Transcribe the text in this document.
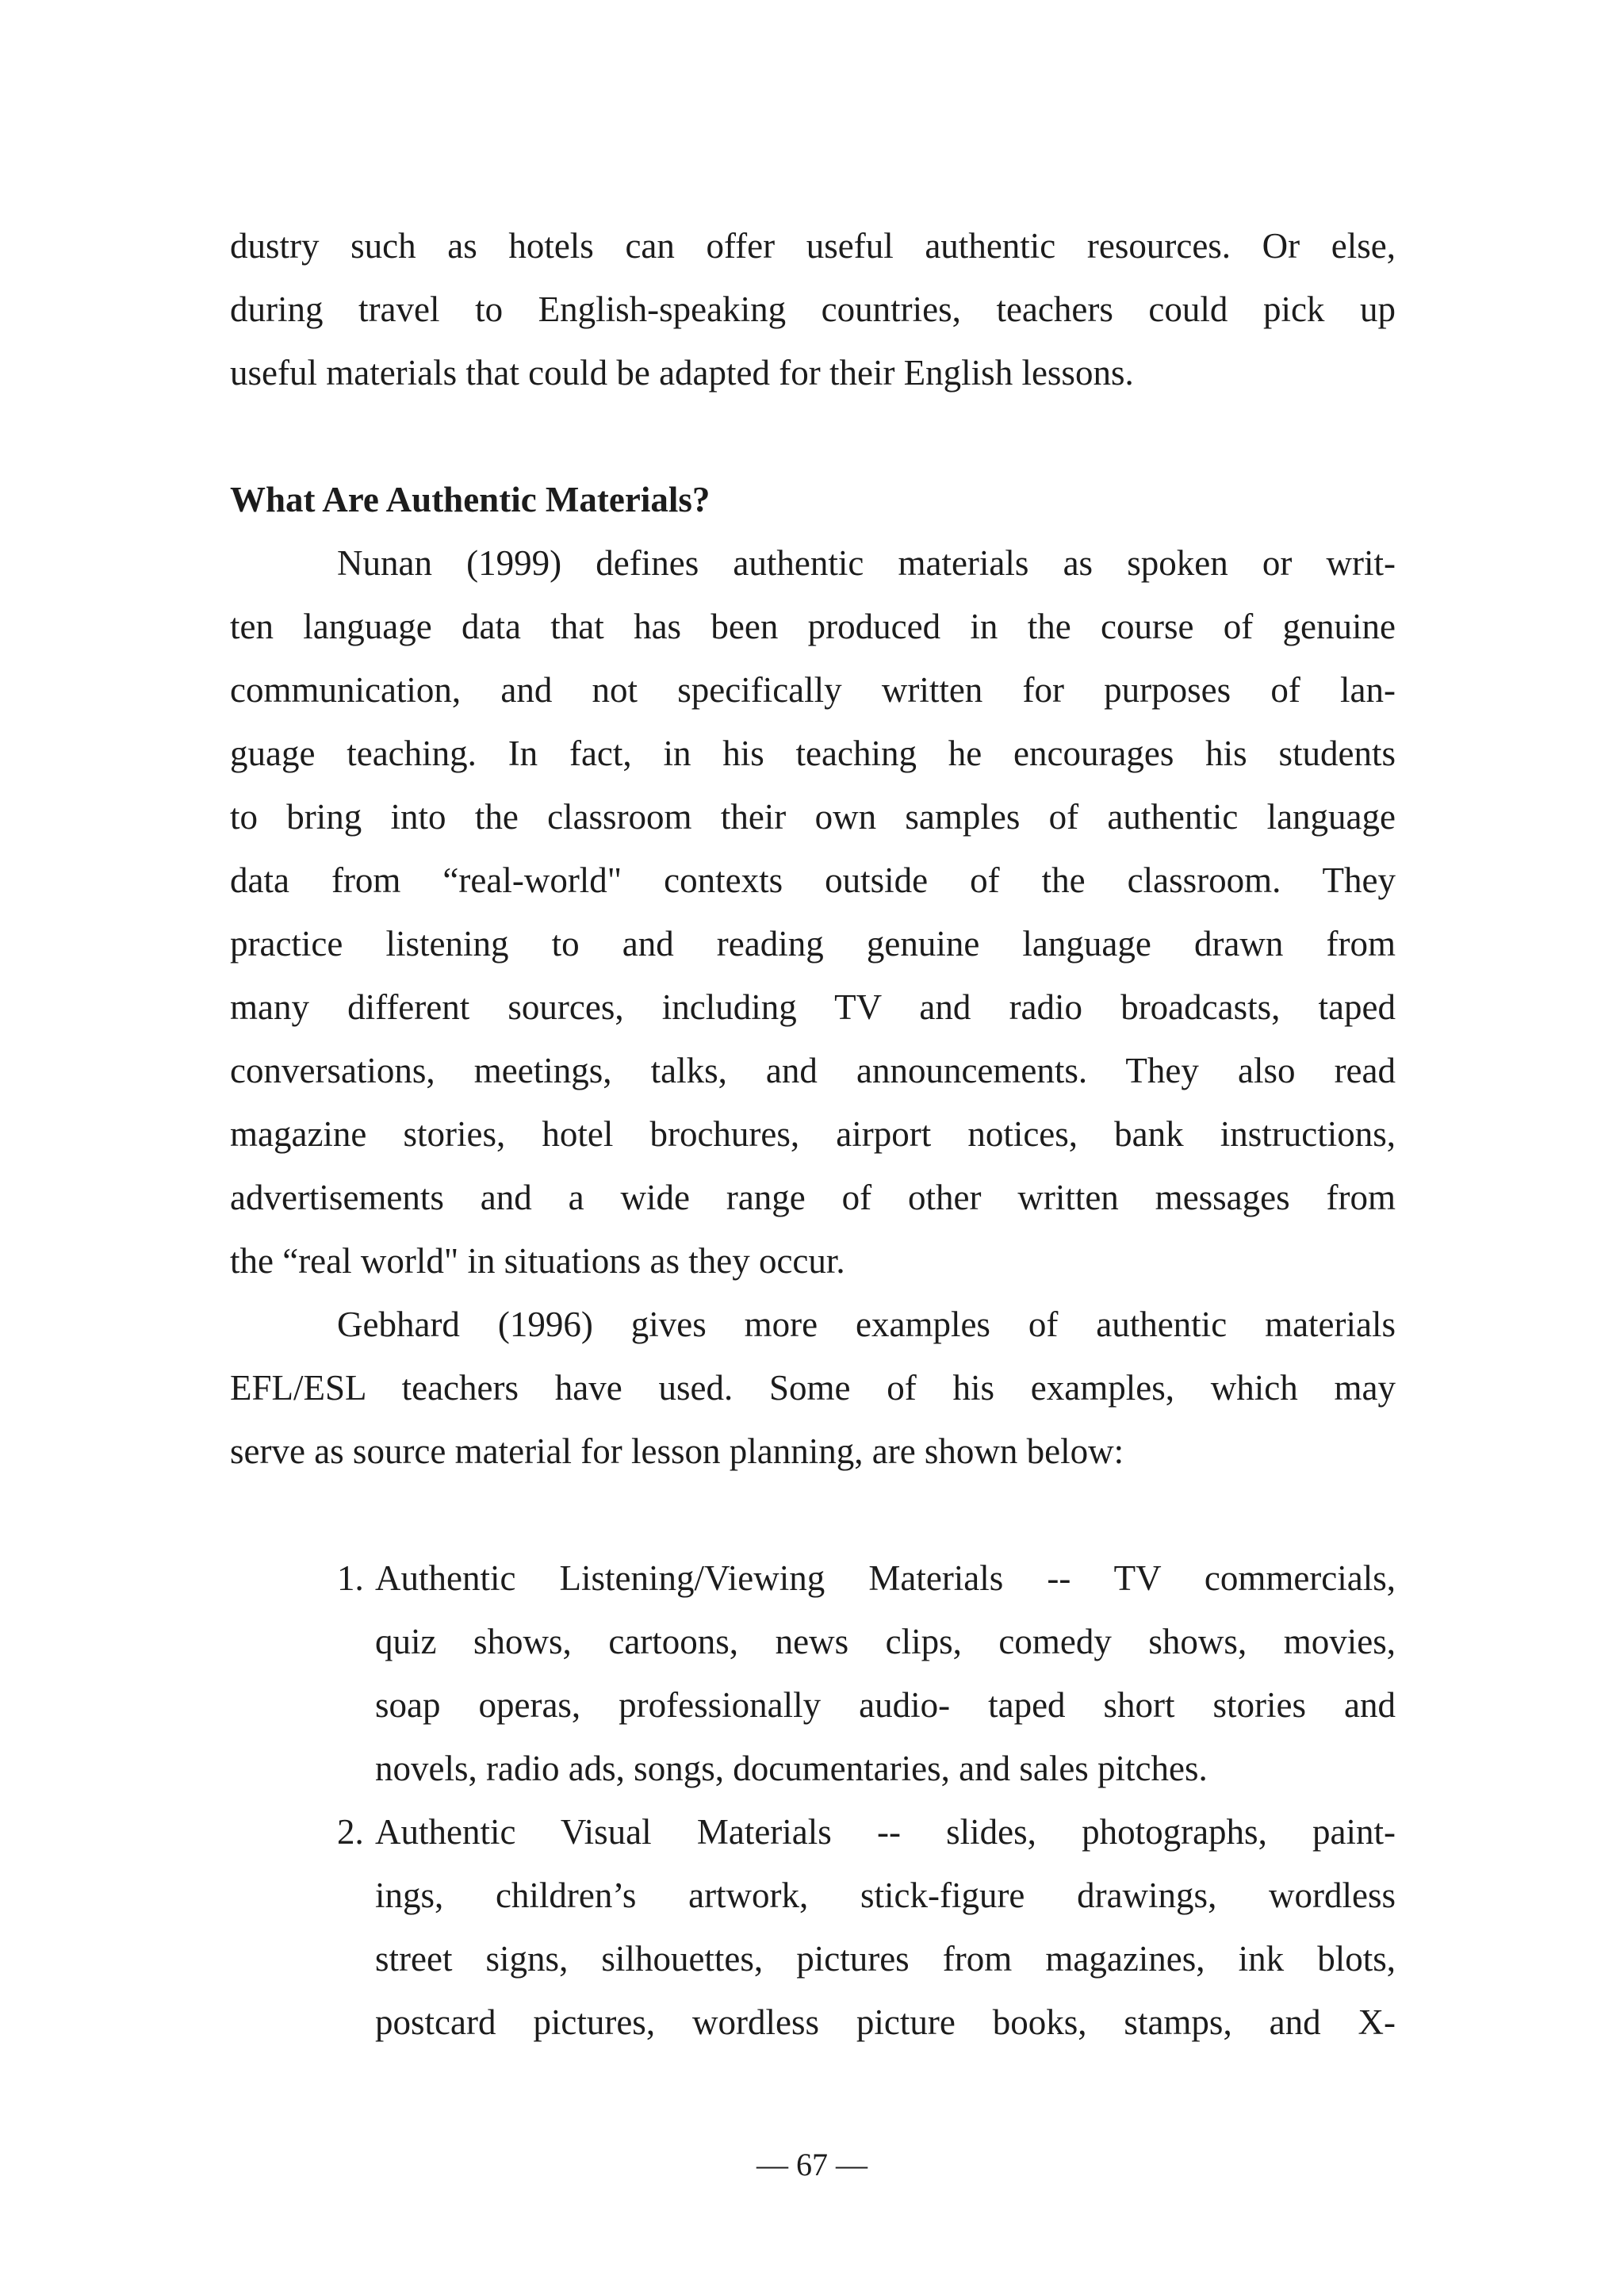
dustry such as hotels can offer useful authentic resources. Or else,
during travel to English-speaking countries, teachers could pick up
useful materials that could be adapted for their English lessons.
What Are Authentic Materials?
Nunan (1999) defines authentic materials as spoken or writ-
ten language data that has been produced in the course of genuine
communication, and not specifically written for purposes of lan-
guage teaching. In fact, in his teaching he encourages his students
to bring into the classroom their own samples of authentic language
data from “real-world" contexts outside of the classroom. They
practice listening to and reading genuine language drawn from
many different sources, including TV and radio broadcasts, taped
conversations, meetings, talks, and announcements. They also read
magazine stories, hotel brochures, airport notices, bank instructions,
advertisements and a wide range of other written messages from
the “real world" in situations as they occur.
Gebhard (1996) gives more examples of authentic materials
EFL/ESL teachers have used. Some of his examples, which may
serve as source material for lesson planning, are shown below:
1. Authentic Listening/Viewing Materials -- TV commercials,
quiz shows, cartoons, news clips, comedy shows, movies,
soap operas, professionally audio- taped short stories and
novels, radio ads, songs, documentaries, and sales pitches.
2. Authentic Visual Materials -- slides, photographs, paint-
ings, children’s artwork, stick-figure drawings, wordless
street signs, silhouettes, pictures from magazines, ink blots,
postcard pictures, wordless picture books, stamps, and X-
— 67 —
